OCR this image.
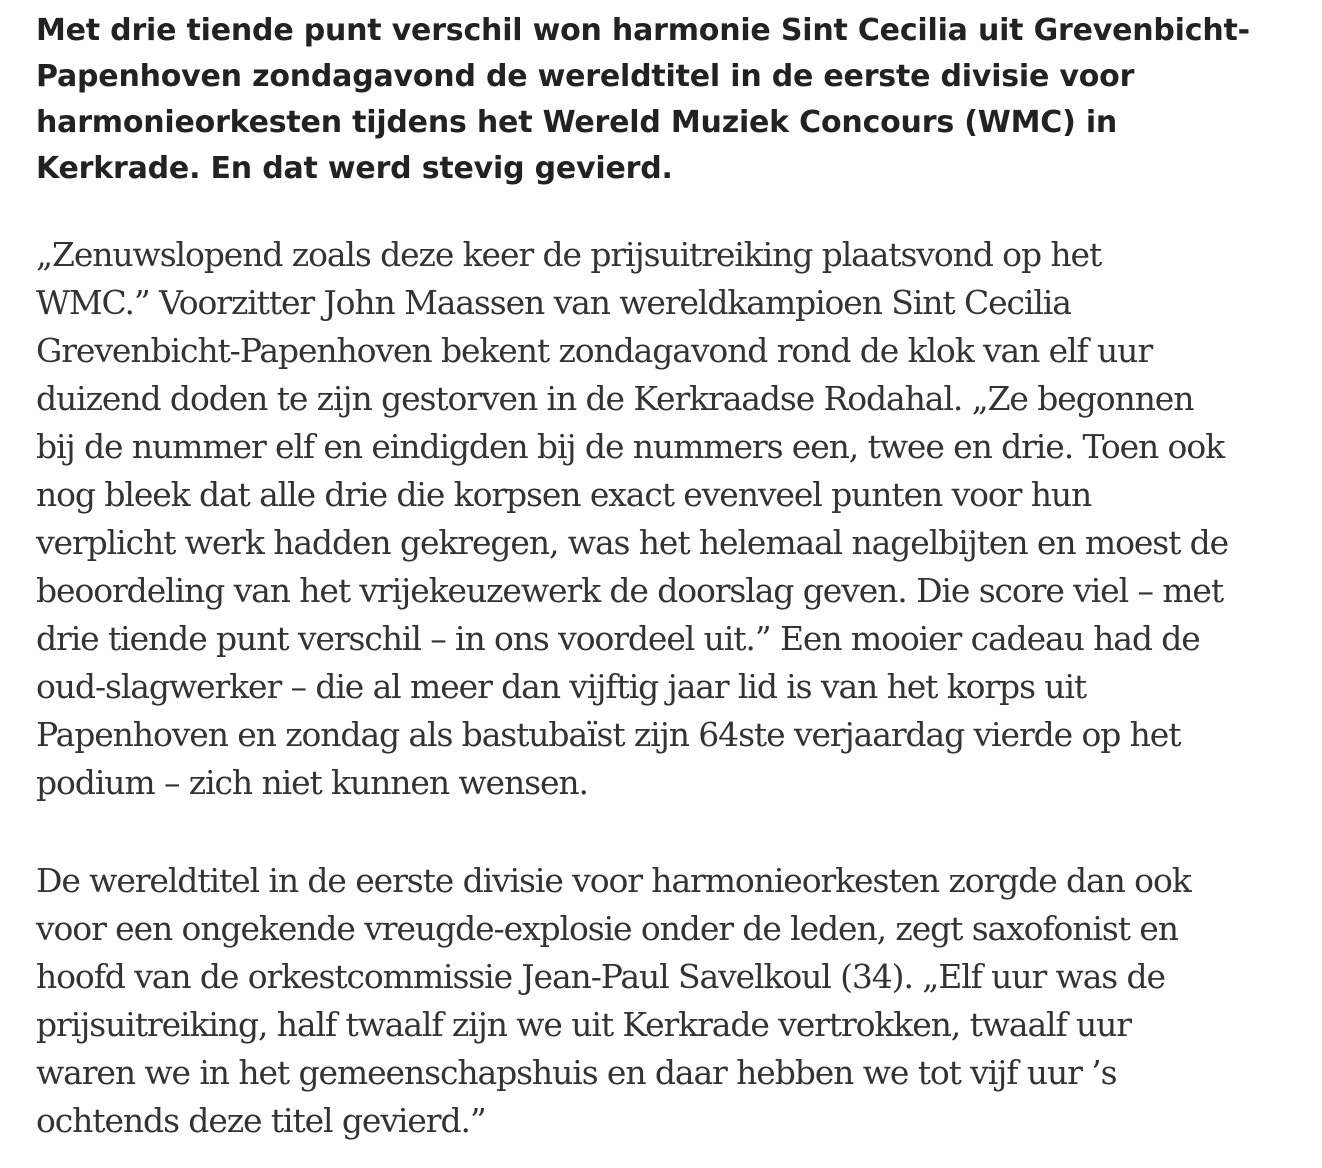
Met drie tiende punt verschil won harmonie Sint Cecilia uit Grevenbicht-
Papenhoven zondagavond de wereldtitel in de eerste divisie voor
harmonieorkesten tijdens het Wereld Muziek Concours (WMC) in
Kerkrade. En dat werd stevig gevierd.

„Zenuwslopend zoals deze keer de prijsuitreiking plaatsvond op het
WMC.” Voorzitter John Maassen van wereldkampioen Sint Cecilia
Grevenbicht-Papenhoven bekent zondagavond rond de klok van elf uur
duizend doden te zijn gestorven in de Kerkraadse Rodahal. „Ze begonnen
bij de nummer elf en eindigden bij de nummers een, twee en drie. Toen ook
nog bleek dat alle drie die korpsen exact evenveel punten voor hun
verplicht werk hadden gekregen, was het helemaal nagelbijten en moest de
beoordeling van het vrijekeuzewerk de doorslag geven. Die score viel – met
drie tiende punt verschil – in ons voordeel uit.” Een mooier cadeau had de
oud-slagwerker – die al meer dan vijftig jaar lid is van het korps uit
Papenhoven en zondag als bastubaïst zijn 64ste verjaardag vierde op het
podium – zich niet kunnen wensen.

De wereldtitel in de eerste divisie voor harmonieorkesten zorgde dan ook
voor een ongekende vreugde-explosie onder de leden, zegt saxofonist en
hoofd van de orkestcommissie Jean-Paul Savelkoul (34). „Elf uur was de
prijsuitreiking, half twaalf zijn we uit Kerkrade vertrokken, twaalf uur
waren we in het gemeenschapshuis en daar hebben we tot vijf uur ’s
ochtends deze titel gevierd.”
